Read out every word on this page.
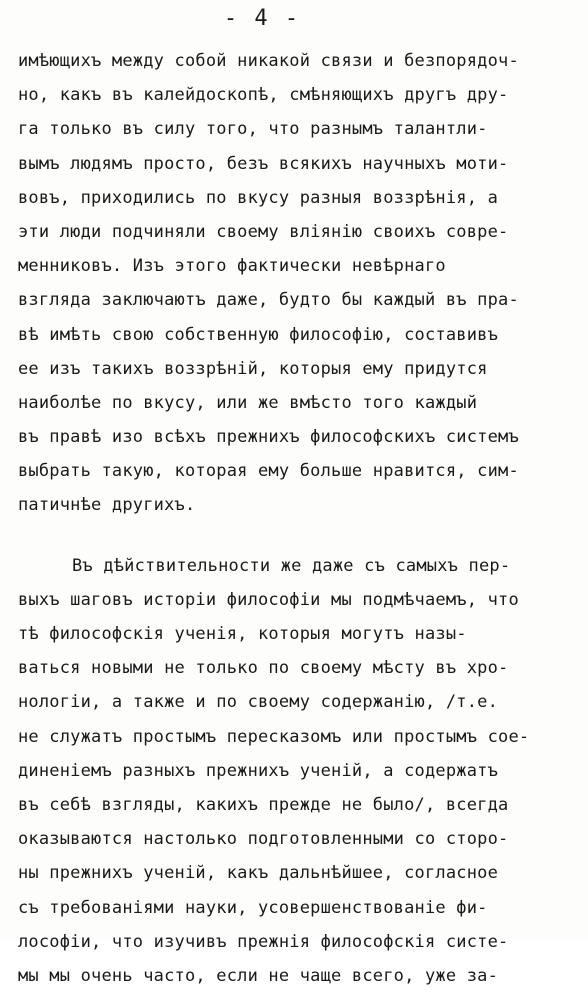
- 4 -
имѣющихъ между собой никакой связи и безпорядоч-
но, какъ въ калейдоскопѣ, смѣняющихъ другъ дру-
га только въ силу того, что разнымъ талантли-
вымъ людямъ просто, безъ всякихъ научныхъ моти-
вовъ, приходились по вкусу разныя воззрѣнія, а
эти люди подчиняли своему вліянію своихъ совре-
менниковъ. Изъ этого фактически невѣрнаго
взгляда заключаютъ даже, будто бы каждый въ пра-
вѣ имѣть свою собственную философію, составивъ
ее изъ такихъ воззрѣній, которыя ему придутся
наиболѣе по вкусу, или же вмѣсто того каждый
въ правѣ изо всѣхъ прежнихъ философскихъ системъ
выбрать такую, которая ему больше нравится, сим-
патичнѣе другихъ.
Въ дѣйствительности же даже съ самыхъ пер-
выхъ шаговъ исторіи философіи мы подмѣчаемъ, что
тѣ философскія ученія, которыя могутъ назы-
ваться новыми не только по своему мѣсту въ хро-
нологіи, а также и по своему содержанію, /т.е.
не служатъ простымъ пересказомъ или простымъ сое-
диненіемъ разныхъ прежнихъ ученій, а содержатъ
въ себѣ взгляды, какихъ прежде не было/, всегда
оказываются настолько подготовленными со сторо-
ны прежнихъ ученій, какъ дальнѣйшее, согласное
съ требованіями науки, усовершенствованіе фи-
лософіи, что изучивъ прежнія философскія систе-
мы мы очень часто, если не чаще всего, уже за-
